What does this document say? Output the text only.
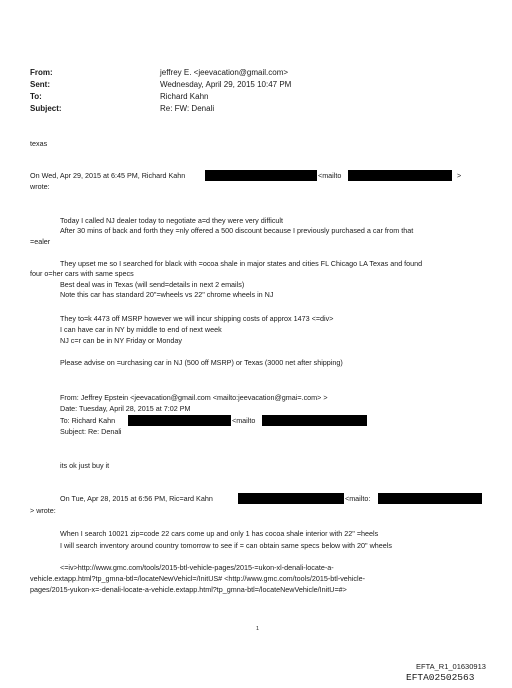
From:	jeffrey E. <jeevacation@gmail.com>
Sent:	Wednesday, April 29, 2015 10:47 PM
To:	Richard Kahn
Subject:	Re: FW: Denali
texas
On Wed, Apr 29, 2015 at 6:45 PM, Richard Kahn	<mailto	>
wrote:
Today I called NJ dealer today to negotiate a=d they were very difficult
After 30 mins of back and forth they =nly offered a 500 discount because I previously purchased a car from that
=ealer
They upset me so I searched for black with =ocoa shale in major states and cities FL Chicago LA Texas and found
four o=her cars with same specs
Best deal was in Texas (will send=details in next 2 emails)
Note this car has standard 20"=wheels vs 22" chrome wheels in NJ
They to=k 4473 off MSRP however we will incur shipping costs of approx 1473 <=div>
I can have car in NY by middle to end of next week
NJ c=r can be in NY Friday or Monday
Please advise on =urchasing car in NJ (500 off MSRP) or Texas (3000 net after shipping)
From: Jeffrey Epstein <jeevacation@gmail.com <mailto:jeevacation@gmai=.com> >
Date: Tuesday, April 28, 2015 at 7:02 PM
To: Richard Kahn	<mailto
Subject: Re: Denali
its ok just buy it
On Tue, Apr 28, 2015 at 6:56 PM, Ric=ard Kahn	<mailto:
> wrote:
When I search 10021 zip=code 22 cars come up and only 1 has cocoa shale interior with 22" =heels
I will search inventory around country tomorrow to see if = can obtain same specs below with 20" wheels
<=iv>http://www.gmc.com/tools/2015-btl-vehicle-pages/2015-=ukon-xl-denali-locate-a-
vehicle.extapp.html?tp_gmna-btl=/locateNewVehicl=/InitUS# <http://www.gmc.com/tools/2015-btl-vehicle-
pages/2015-yukon-x=-denali-locate-a-vehicle.extapp.html?tp_gmna-btl=/locateNewVehicle/InitU=#>
1
EFTA_R1_01630913
EFTA02502563
